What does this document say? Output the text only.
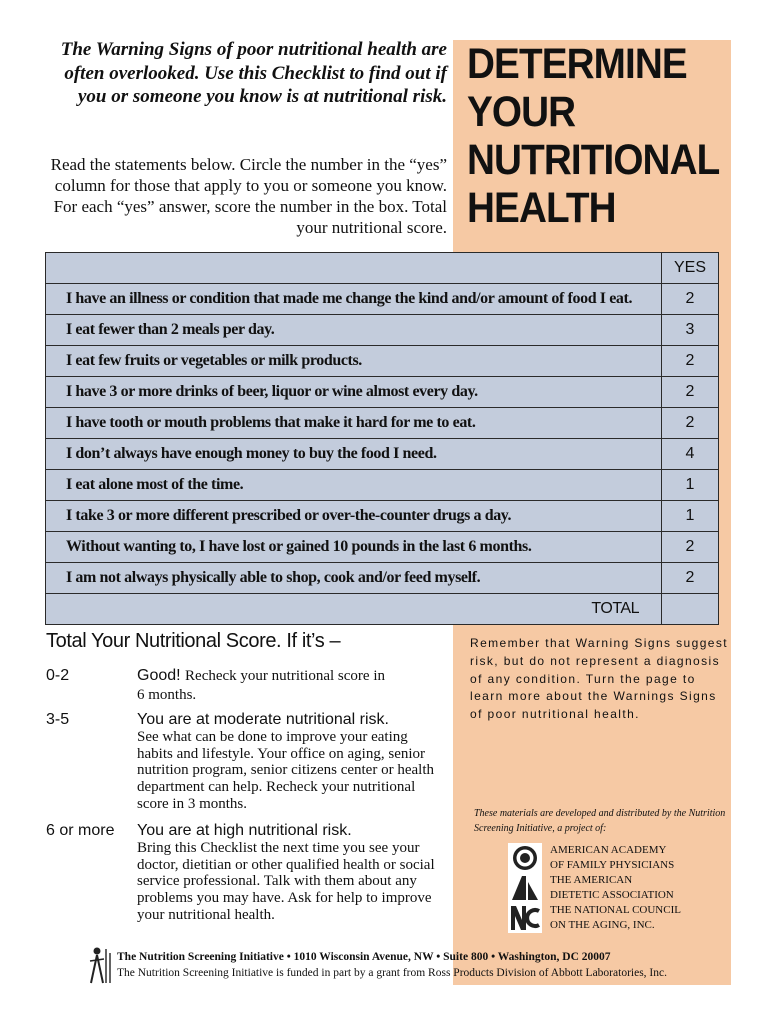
The Warning Signs of poor nutritional health are often overlooked. Use this Checklist to find out if you or someone you know is at nutritional risk.
Read the statements below. Circle the number in the “yes” column for those that apply to you or someone you know. For each “yes” answer, score the number in the box. Total your nutritional score.
DETERMINE
YOUR
NUTRITIONAL
HEALTH
	YES
I have an illness or condition that made me change the kind and/or amount of food I eat.	2
I eat fewer than 2 meals per day.	3
I eat few fruits or vegetables or milk products.	2
I have 3 or more drinks of beer, liquor or wine almost every day.	2
I have tooth or mouth problems that make it hard for me to eat.	2
I don’t always have enough money to buy the food I need.	4
I eat alone most of the time.	1
I take 3 or more different prescribed or over-the-counter drugs a day.	1
Without wanting to, I have lost or gained 10 pounds in the last 6 months.	2
I am not always physically able to shop, cook and/or feed myself.	2
TOTAL	
Total Your Nutritional Score. If it’s –
0-2	Good! Recheck your nutritional score in
6 months.
3-5	You are at moderate nutritional risk.
See what can be done to improve your eating habits and lifestyle. Your office on aging, senior nutrition program, senior citizens center or health department can help. Recheck your nutritional score in 3 months.
6 or more You are at high nutritional risk.
Bring this Checklist the next time you see your doctor, dietitian or other qualified health or social service professional. Talk with them about any problems you may have. Ask for help to improve your nutritional health.
Remember that Warning Signs suggest risk, but do not represent a diagnosis of any condition. Turn the page to learn more about the Warnings Signs of poor nutritional health.
These materials are developed and distributed by the Nutrition Screening Initiative, a project of:
AMERICAN ACADEMY
OF FAMILY PHYSICIANS
THE AMERICAN
DIETETIC ASSOCIATION
THE NATIONAL COUNCIL
ON THE AGING, INC.
The Nutrition Screening Initiative • 1010 Wisconsin Avenue, NW • Suite 800 • Washington, DC 20007
The Nutrition Screening Initiative is funded in part by a grant from Ross Products Division of Abbott Laboratories, Inc.
